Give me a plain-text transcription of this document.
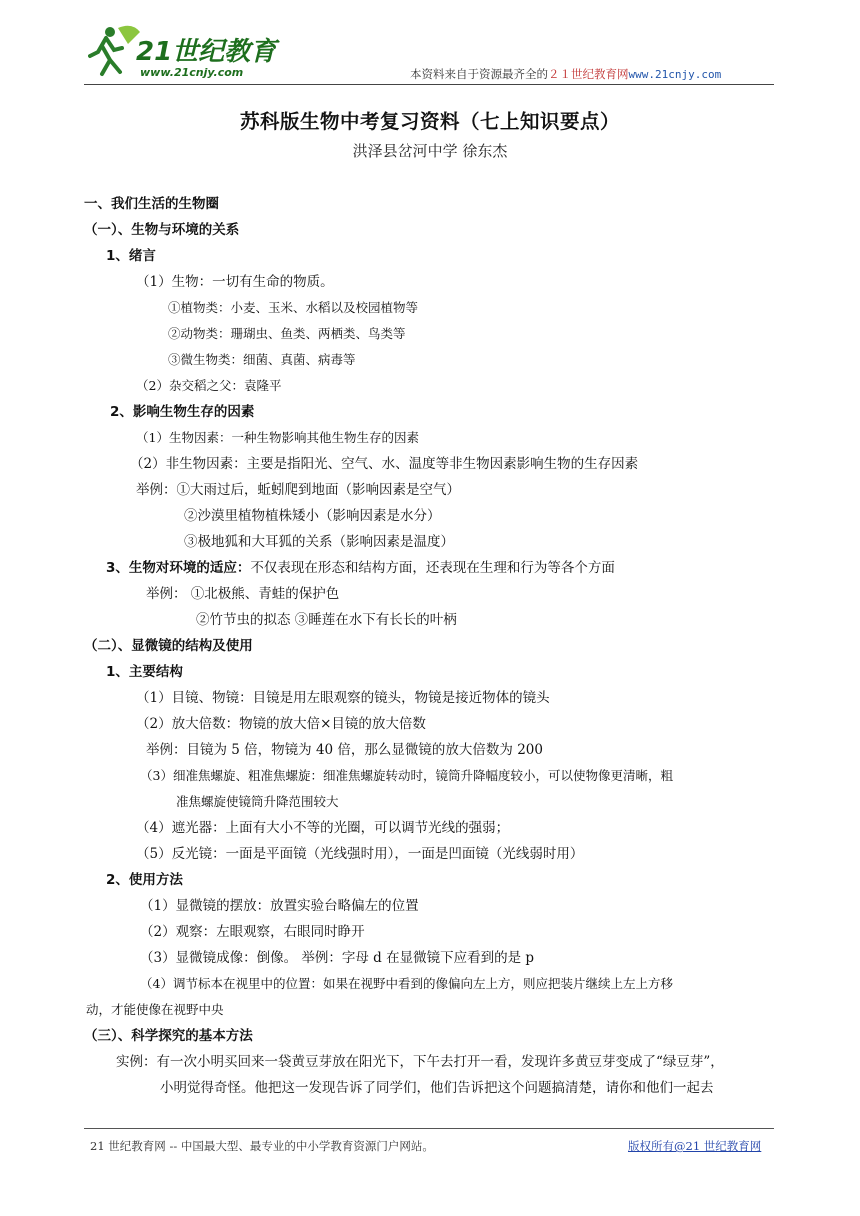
21世纪教育
www.21cnjy.com	本资料来自于资源最齐全的２１世纪教育网www.21cnjy.com
苏科版生物中考复习资料（七上知识要点）
洪泽县岔河中学 徐东杰
一、我们生活的生物圈
（一）、生物与环境的关系
1、绪言
（1）生物：一切有生命的物质。
①植物类：小麦、玉米、水稻以及校园植物等
②动物类：珊瑚虫、鱼类、两栖类、鸟类等
③微生物类：细菌、真菌、病毒等
（2）杂交稻之父：袁隆平
2、影响生物生存的因素
（1）生物因素：一种生物影响其他生物生存的因素
（2）非生物因素：主要是指阳光、空气、水、温度等非生物因素影响生物的生存因素
举例：①大雨过后，蚯蚓爬到地面（影响因素是空气）
②沙漠里植物植株矮小（影响因素是水分）
③极地狐和大耳狐的关系（影响因素是温度）
3、生物对环境的适应：不仅表现在形态和结构方面，还表现在生理和行为等各个方面
举例： ①北极熊、青蛙的保护色
②竹节虫的拟态 ③睡莲在水下有长长的叶柄
（二）、显微镜的结构及使用
1、主要结构
（1）目镜、物镜：目镜是用左眼观察的镜头，物镜是接近物体的镜头
（2）放大倍数：物镜的放大倍×目镜的放大倍数
举例：目镜为 5 倍，物镜为 40 倍，那么显微镜的放大倍数为 200
（3）细准焦螺旋、粗准焦螺旋：细准焦螺旋转动时，镜筒升降幅度较小，可以使物像更清晰，粗
准焦螺旋使镜筒升降范围较大
（4）遮光器：上面有大小不等的光圈，可以调节光线的强弱；
（5）反光镜：一面是平面镜（光线强时用），一面是凹面镜（光线弱时用）
2、使用方法
（1）显微镜的摆放：放置实验台略偏左的位置
（2）观察：左眼观察，右眼同时睁开
（3）显微镜成像：倒像。 举例：字母 d 在显微镜下应看到的是 p
（4）调节标本在视里中的位置：如果在视野中看到的像偏向左上方，则应把装片继续上左上方移
动，才能使像在视野中央
（三）、科学探究的基本方法
实例：有一次小明买回来一袋黄豆芽放在阳光下，下午去打开一看，发现许多黄豆芽变成了“绿豆芽”，
小明觉得奇怪。他把这一发现告诉了同学们，他们告诉把这个问题搞清楚，请你和他们一起去
21 世纪教育网 -- 中国最大型、最专业的中小学教育资源门户网站。	版权所有@21 世纪教育网
